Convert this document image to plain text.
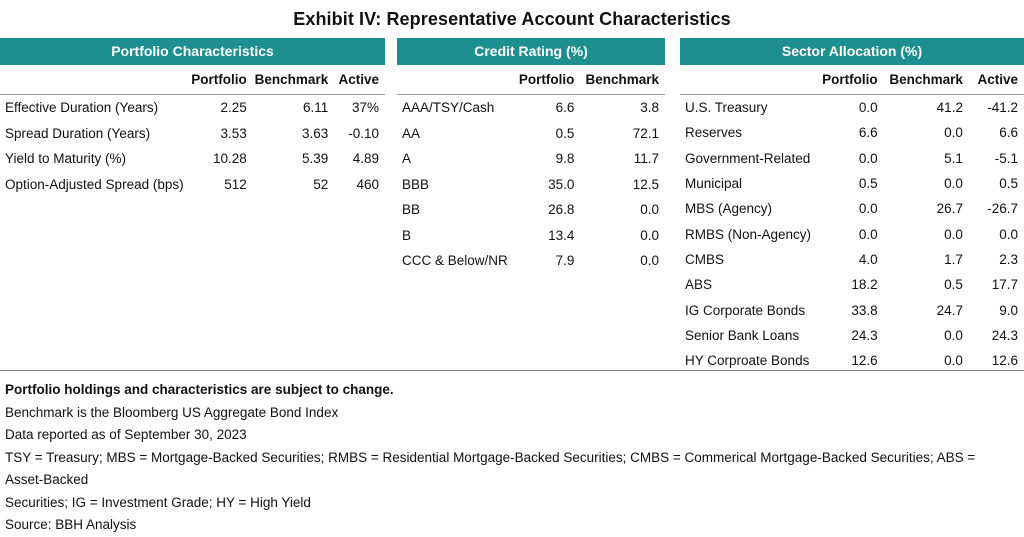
Exhibit IV: Representative Account Characteristics
Portfolio Characteristics
	Portfolio	Benchmark	Active
Effective Duration (Years)	2.25	6.11	37%
Spread Duration (Years)	3.53	3.63	-0.10
Yield to Maturity (%)	10.28	5.39	4.89
Option-Adjusted Spread (bps)	512	52	460
Credit Rating (%)
	Portfolio	Benchmark
AAA/TSY/Cash	6.6	3.8
AA	0.5	72.1
A	9.8	11.7
BBB	35.0	12.5
BB	26.8	0.0
B	13.4	0.0
CCC & Below/NR	7.9	0.0
Sector Allocation (%)
	Portfolio	Benchmark	Active
U.S. Treasury	0.0	41.2	-41.2
Reserves	6.6	0.0	6.6
Government-Related	0.0	5.1	-5.1
Municipal	0.5	0.0	0.5
MBS (Agency)	0.0	26.7	-26.7
RMBS (Non-Agency)	0.0	0.0	0.0
CMBS	4.0	1.7	2.3
ABS	18.2	0.5	17.7
IG Corporate Bonds	33.8	24.7	9.0
Senior Bank Loans	24.3	0.0	24.3
HY Corproate Bonds	12.6	0.0	12.6
Portfolio holdings and characteristics are subject to change.
Benchmark is the Bloomberg US Aggregate Bond Index
Data reported as of September 30, 2023
TSY = Treasury; MBS = Mortgage-Backed Securities; RMBS = Residential Mortgage-Backed Securities; CMBS = Commerical Mortgage-Backed Securities; ABS = Asset-Backed
Securities; IG = Investment Grade; HY = High Yield
Source: BBH Analysis
